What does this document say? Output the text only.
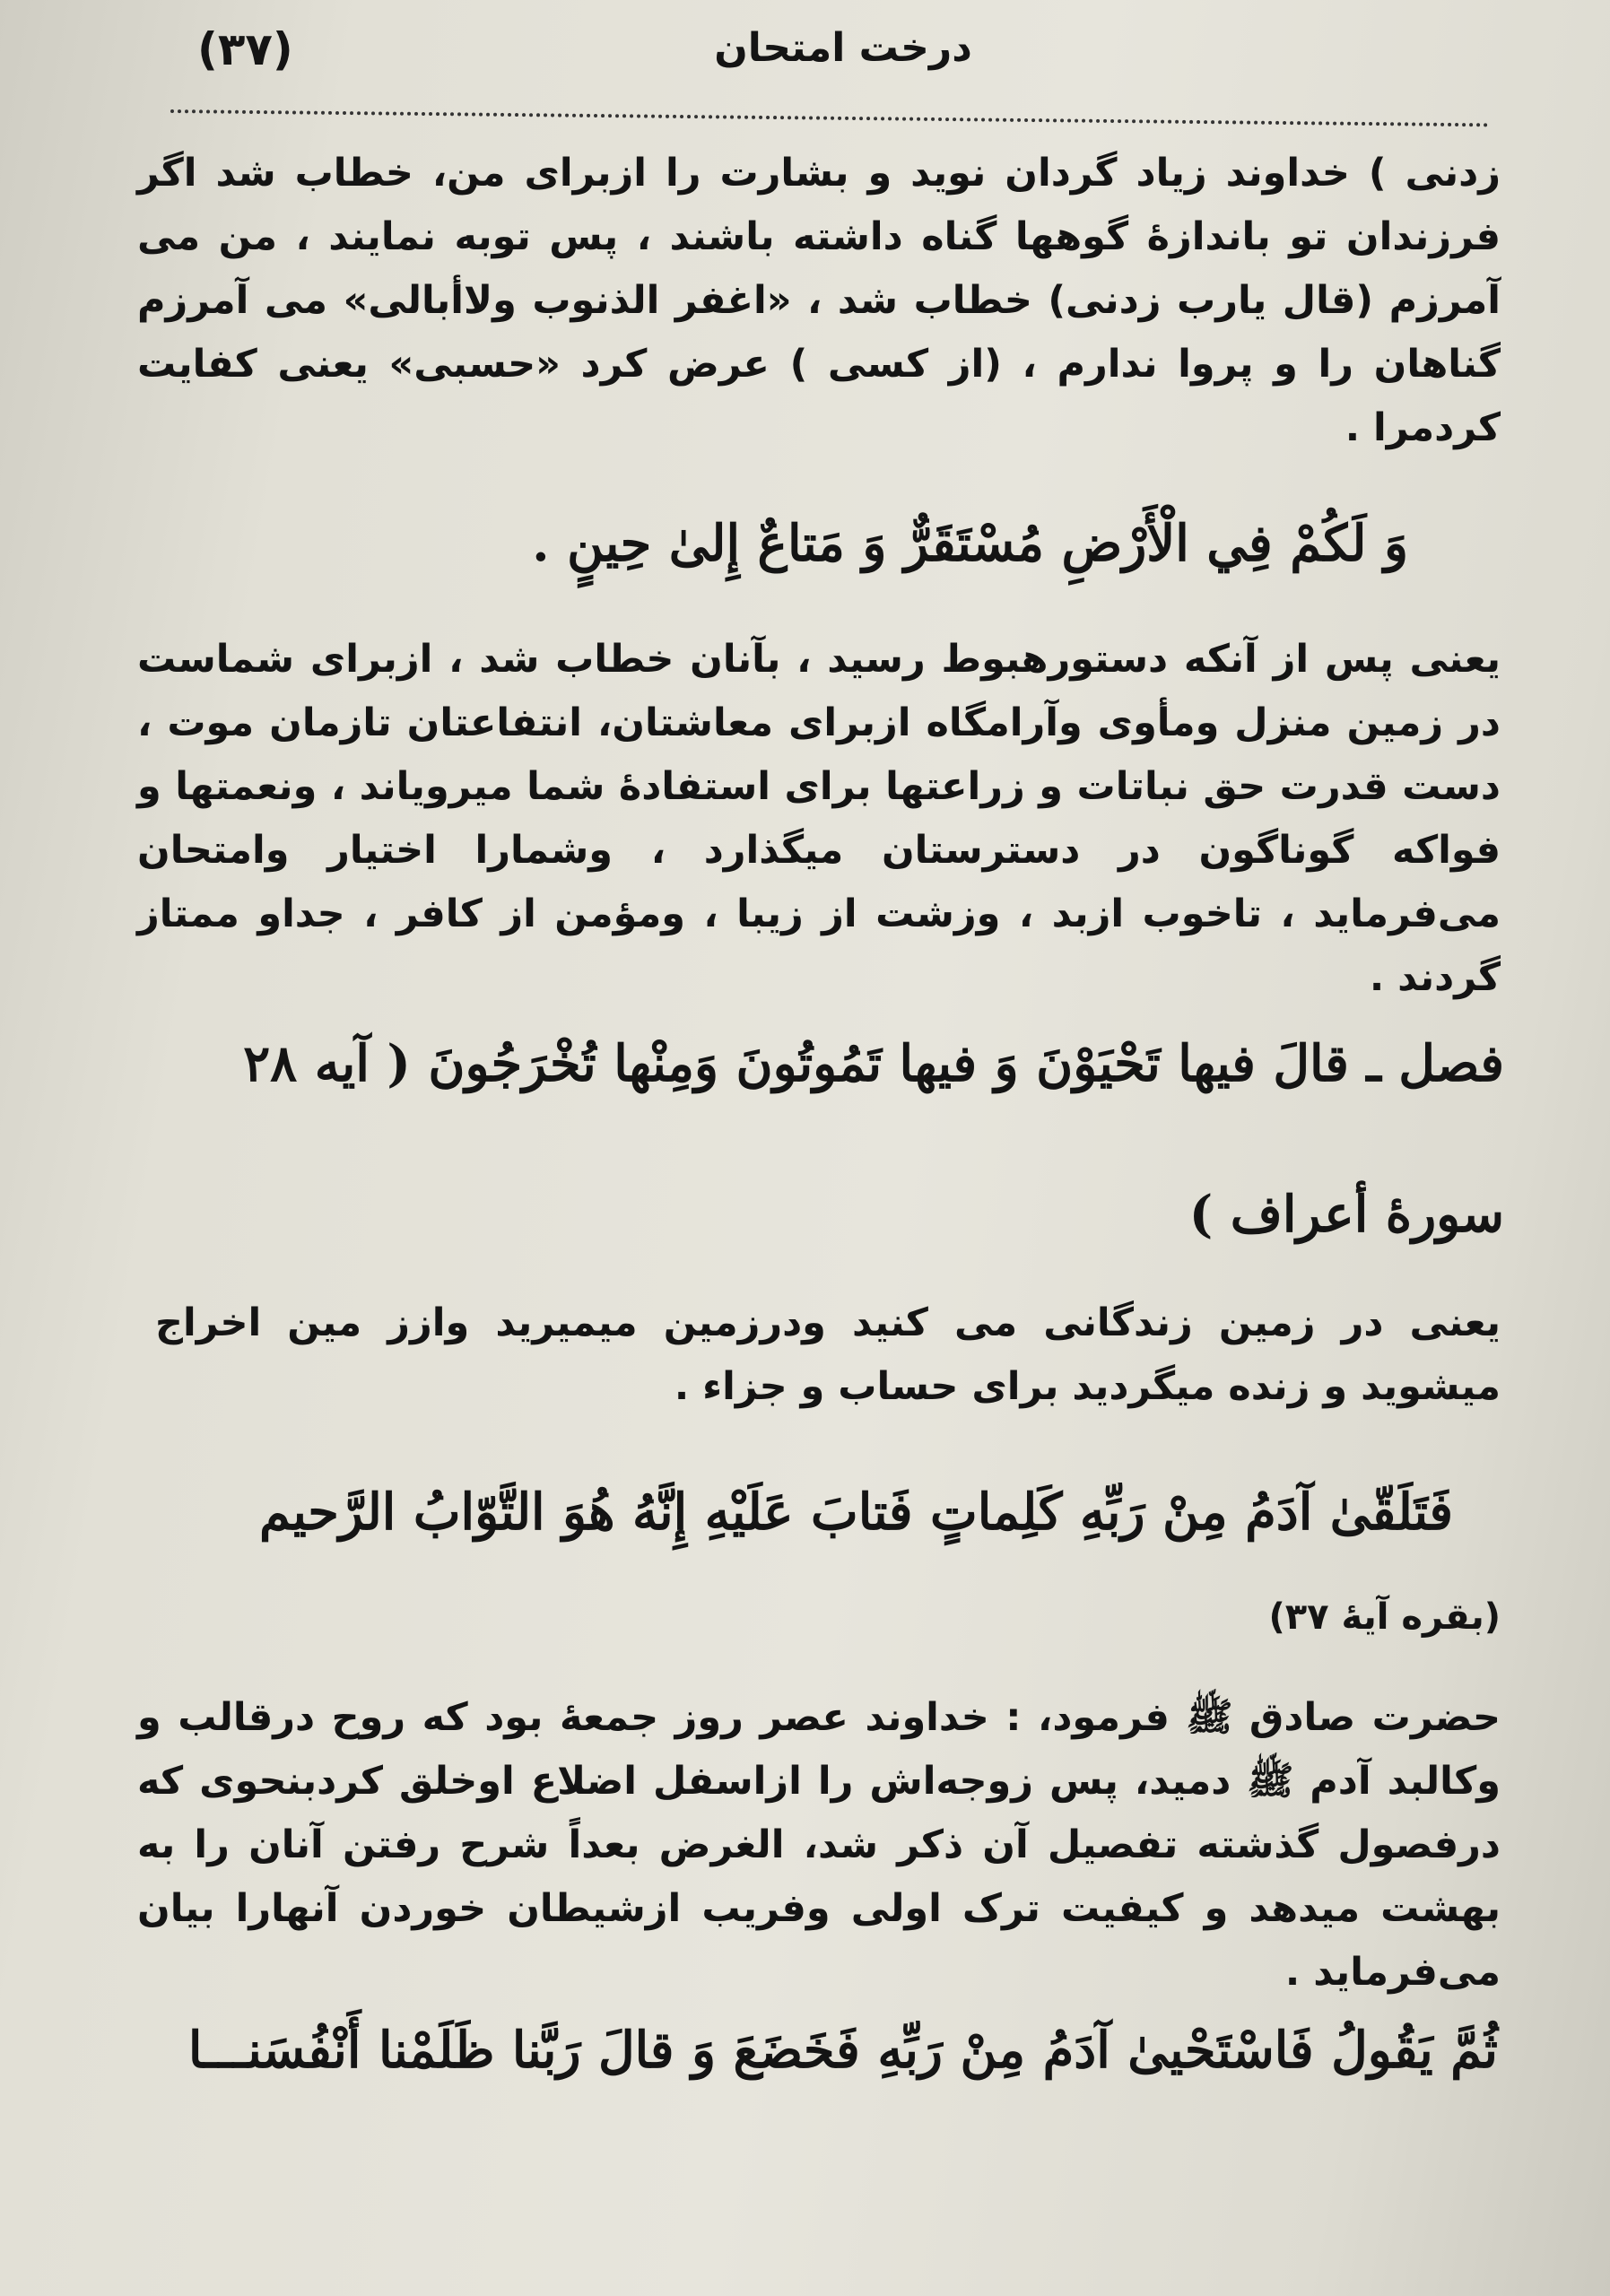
(۳۷)	درخت امتحان

زدنی ) خداوند زیاد گردان نوید و بشارت را ازبرای من، خطاب شد اگر فرزندان تو باندازهٔ گوهها گناه داشته باشند ، پس توبه نمایند ، من می آمرزم (قال یارب زدنی) خطاب شد ، «اغفر الذنوب ولاأبالی» می آمرزم گناهان را و پروا ندارم ، (از کسی ) عرض کرد «حسبی» یعنی کفایت کردمرا .

وَ لَكُمْ فِي الْأَرْضِ مُسْتَقَرٌّ وَ مَتاعٌ إِلىٰ حِينٍ .

یعنی پس از آنکه دستورهبوط رسید ، بآنان خطاب شد ، ازبرای شماست در زمین منزل ومأوی وآرامگاه ازبرای معاشتان، انتفاعتان تازمان موت ، دست قدرت حق نباتات و زراعتها برای استفادهٔ شما میرویاند ، ونعمتها و فواکه گوناگون در دسترستان میگذارد ، وشمارا اختیار وامتحان می‌فرماید ، تاخوب ازبد ، وزشت از زیبا ، ومؤمن از کافر ، جداو ممتاز گردند .

فصل ـ قالَ فيها تَحْيَوْنَ وَ فيها تَمُوتُونَ وَمِنْها تُخْرَجُونَ ( آیه ۲۸

سورهٔ أعراف )

یعنی در زمین زندگانی می کنید ودرزمین میمیرید وازز مین اخراج میشوید و زنده میگردید برای حساب و جزاء .

فَتَلَقّىٰ آدَمُ مِنْ رَبِّهِ كَلِماتٍ فَتابَ عَلَيْهِ إِنَّهُ هُوَ التَّوّابُ الرَّحيم

(بقره آیهٔ ۳۷)

حضرت صادق ﷺ فرمود، : خداوند عصر روز جمعهٔ بود که روح درقالب و وکالبد آدم ﷺ دمید، پس زوجه‌اش را ازاسفل اضلاع اوخلق کردبنحوی که درفصول گذشته تفصیل آن ذکر شد، الغرض بعداً شرح رفتن آنان را به بهشت میدهد و کیفیت ترک اولی وفریب ازشیطان خوردن آنهارا بیان می‌فرماید .

ثُمَّ يَقُولُ فَاسْتَحْيىٰ آدَمُ مِنْ رَبِّهِ فَخَضَعَ وَ قالَ رَبَّنا ظَلَمْنا أَنْفُسَنـــا
